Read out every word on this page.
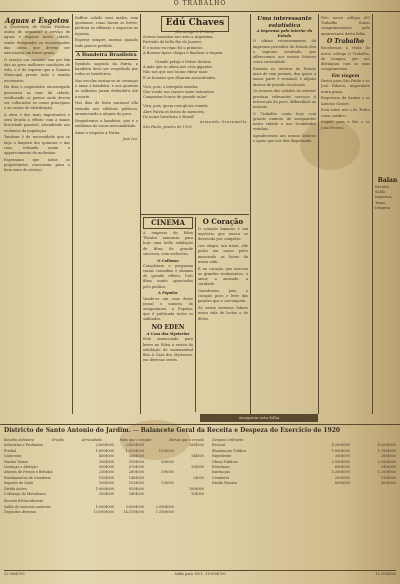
O TRABALHO
Aguas e Esgotos

A Secretaria de Obras Publicas acaba de organizar o serviço de aguas e esgotos nesta cidade, sendo designados os encarregados das obras que devem ser executadas em breve prazo.

O serviço ora iniciado tem por fim dar ao povo melhores condições de vida, e é de esperar que a Camara Municipal preste todo o auxilio necessario.

Ha dias o engenheiro encarregado percorreu as ruas da cidade, verificando os pontos onde devem ser collocados os canos principaes e as caixas de distribuição.

A obra é das mais importantes e será levada a effeito com a maior brevidade possivel, attendendo aos reclamos da população.

Tambem é de necessidade que se faça a limpeza dos quintaes e das ruas, evitando assim o apparecimento de molestias.

Esperamos que todos os proprietarios concorram para o bom exito do serviço.

Soffrer calado seus males, sem queixume, como fazem os fortes; perdoar as offensas e esquecer as injurias.

Esperar sempre, mesmo quando tudo parece perdido.

A Bandeira Brasileira

Symbolo sagrado da Patria, a bandeira deve ser respeitada por todos os brasileiros.

Nas escolas ensina-se ás creanças o amor á bandeira, e nos quarteis os soldados juram defendel-a até a morte.

Nos dias de festa nacional ella tremula nos edificios publicos, annunciando a alegria do povo.

Respeitemos a bandeira, que é o emblema da nossa nacionalidade.

Amor e respeito á Patria.

José Ivo.
Edú Chaves
(Do amigo S. F. Neto)
Sereno transitou nos ares a Argentina
Partindo da bella Rio de Janeiro;
E o nosso eu regio foi o primeiro
A Buenos-Ayres chegar e finalizar a viagem.
Grande peleja e Nobre destino
A mão que se ufana nos céos gigantes
Não nos que nos tocam vibrar mais
E os homens que olharam assombrados.
Viva, pois, o intrepido aviador,
Que voado nos ciumes tanto extranhos
Conquistar louros de grande valor!
Viva, pois, quem com gloria voando
Abre Patria os fastos de memoria,
Do nome brasileiro e Brazil!
Armando Scaramella
São Paulo, janeiro de 1920
CINEMA

A empreza do Eden Theatro annuncia para hoje uma bella exhibição de films de grande successo, com orchestra.

O Collosso

Completam o programa varias comedias e dramas de grande effeito. Dois films muito apreciados pelo publico.

A Popular

Vende-se em casa deste jornal o numero de assignaturas, a Popular, que é publicada todos os sabbados.

NO EDEN
A Casa dos Mysterios

Está annunciado para breve no Eden a estréa da exhibição do monumental film A Casa dos Mysterios, em diversas series.

O Coração

O coração humano é um mysterio que nunca se desvenda por completo.

Ora alegre, ora triste, elle pulsa em nosso peito marcando as horas da nossa vida.

É no coração que nascem os grandes sentimentos: o amor, a amizade, a caridade.

Guardemos, pois, o coração puro e livre das paixões que o corrompem.

Só assim seremos felizes nesta vida de luctas e de dôres.

Uma interessante estatistica
A imprensa pelo interior do Estado

O ultimo recenseamento da imprensa periodica do Estado deu o seguinte resultado, que offerecemos aos nossos leitores como curiosidade.

Existem no interior do Estado mais de cem jornaes, dos quaes a maior parte é semanal, e alguns diarios de grande circulação.

Os jornaes das cidades do interior prestam relevantes serviços á instrucção do povo, diffundindo as noticias.

O Trabalho conta hoje com grande numero de assignantes nesta cidade e nas localidades visinhas.

Agradecemos aos nossos leitores o apoio que nos têm dispensado.

Pelo nosso collega d'O Trabalho fomos cumprimentados pelo anniversario desta folha.

O Trabalho

Recebemos a visita do nosso collega O Trabalho, de Campos, que nos distinguiu com os seus cumprimentos.

Em viagem

Partiu para São Paulo o sr. José Ribeiro, negociante nesta praça.

Regressou de Santos o sr. Antonio Gomes.

Está entre nós o dr. Pedro Lima, medico.

Seguiu para o Rio o sr. João Pereira.

Balan
Receita
Saldo
Impostos
Taxas
Despesa
Assignem esta folha
Districto de Santo Antonio do Jardim. — Balancete Geral da Receita e Despeza do Exercicio de 1920
Receita ordinaria	Orçado	Arrecadado	Mais que o orçado	Menos que o orçado
Industrias e Profissões	2:600$000	2:410$500	189$500
Predial	1:800$000	1:915$200	115$200
Cabeceira	400$000	386$000	14$000
Vendas Varias	300$000	355$000	55$000
Licenças e Aferição	900$000	870$000	30$000
Alvarás de Preços e Bebidas	250$000	260$000	10$000
Emolumentos de Cemiterio	150$000	148$000	2$000
Imposto de Gado	500$000	512$000	12$000
Divida Activa	1:000$000	820$000	180$000
Cobrança do Matadouro	350$000	340$000	10$000
Receita Extraordinaria
Saldo do exercicio anterior	1:000$000	3:000$000	2:000$000
Depositos diversos	13:000$000	14:310$000	1:310$000
Despeza ordinaria
Pessoal	4:200$000	4:200$000
Illuminação Publica	1:800$000	1:785$000
Expediente	300$000	280$000
Obras Publicas	2:500$000	2:310$000
Eventuaes	600$000	540$000
Instrucção	1:200$000	1:200$000
Cemiterio	200$000	190$000
Divida Passiva	800$000	800$000
22:960$700	Saldo para 1921: 11:655$700	11:305$000
